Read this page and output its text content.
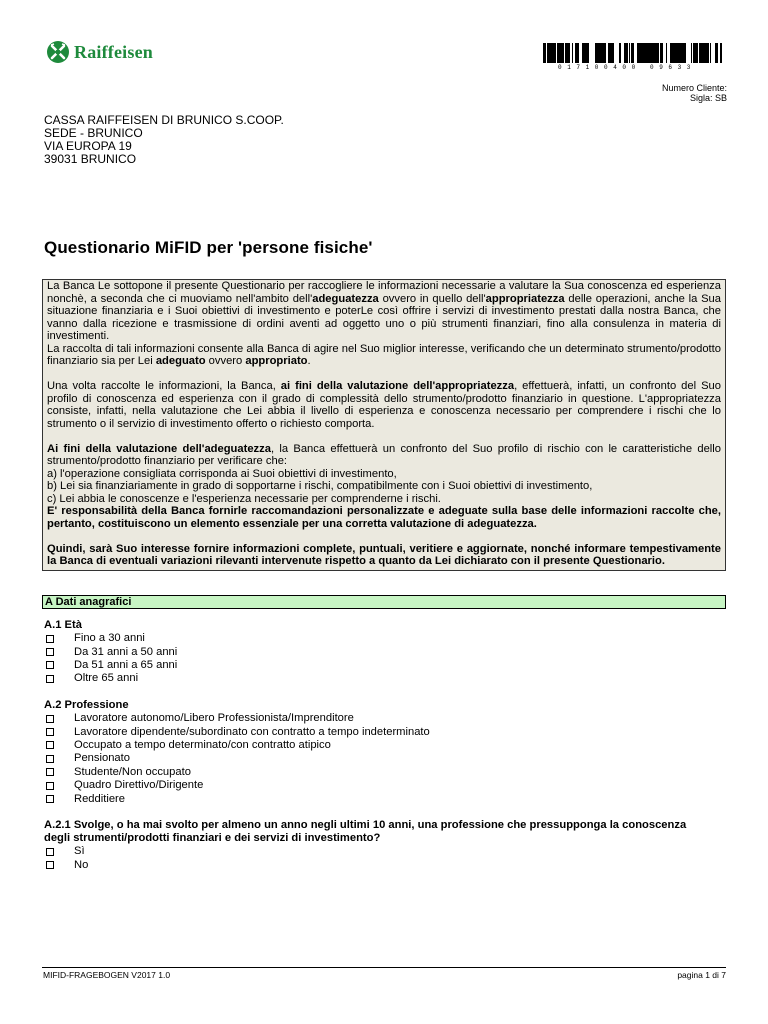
Raiffeisen
017100400 09633
Numero Cliente:
Sigla: SB
CASSA RAIFFEISEN DI BRUNICO S.COOP.
SEDE - BRUNICO
VIA EUROPA 19
39031 BRUNICO
Questionario MiFID per 'persone fisiche'

La Banca Le sottopone il presente Questionario per raccogliere le informazioni necessarie a valutare la Sua conoscenza ed esperienza nonchè, a seconda che ci muoviamo nell'ambito dell'adeguatezza ovvero in quello dell'appropriatezza delle operazioni, anche la Sua situazione finanziaria e i Suoi obiettivi di investimento e poterLe così offrire i servizi di investimento prestati dalla nostra Banca, che vanno dalla ricezione e trasmissione di ordini aventi ad oggetto uno o più strumenti finanziari, fino alla consulenza in materia di investimenti.

La raccolta di tali informazioni consente alla Banca di agire nel Suo miglior interesse, verificando che un determinato strumento/prodotto finanziario sia per Lei adeguato ovvero appropriato.

Una volta raccolte le informazioni, la Banca, ai fini della valutazione dell'appropriatezza, effettuerà, infatti, un confronto del Suo profilo di conoscenza ed esperienza con il grado di complessità dello strumento/prodotto finanziario in questione. L'appropriatezza consiste, infatti, nella valutazione che Lei abbia il livello di esperienza e conoscenza necessario per comprendere i rischi che lo strumento o il servizio di investimento offerto o richiesto comporta.

Ai fini della valutazione dell'adeguatezza, la Banca effettuerà un confronto del Suo profilo di rischio con le caratteristiche dello strumento/prodotto finanziario per verificare che:

a) l'operazione consigliata corrisponda ai Suoi obiettivi di investimento,

b) Lei sia finanziariamente in grado di sopportarne i rischi, compatibilmente con i Suoi obiettivi di investimento,

c) Lei abbia le conoscenze e l'esperienza necessarie per comprenderne i rischi.

E' responsabilità della Banca fornirle raccomandazioni personalizzate e adeguate sulla base delle informazioni raccolte che, pertanto, costituiscono un elemento essenziale per una corretta valutazione di adeguatezza.

Quindi, sarà Suo interesse fornire informazioni complete, puntuali, veritiere e aggiornate, nonché informare tempestivamente la Banca di eventuali variazioni rilevanti intervenute rispetto a quanto da Lei dichiarato con il presente Questionario.

A Dati anagrafici
A.1 Età
Fino a 30 anni
Da 31 anni a 50 anni
Da 51 anni a 65 anni
Oltre 65 anni
A.2 Professione
Lavoratore autonomo/Libero Professionista/Imprenditore
Lavoratore dipendente/subordinato con contratto a tempo indeterminato
Occupato a tempo determinato/con contratto atipico
Pensionato
Studente/Non occupato
Quadro Direttivo/Dirigente
Redditiere
A.2.1 Svolge, o ha mai svolto per almeno un anno negli ultimi 10 anni, una professione che pressupponga la conoscenza
degli strumenti/prodotti finanziari e dei servizi di investimento?
Sì
No
MIFID-FRAGEBOGEN V2017 1.0	pagina 1 di 7
